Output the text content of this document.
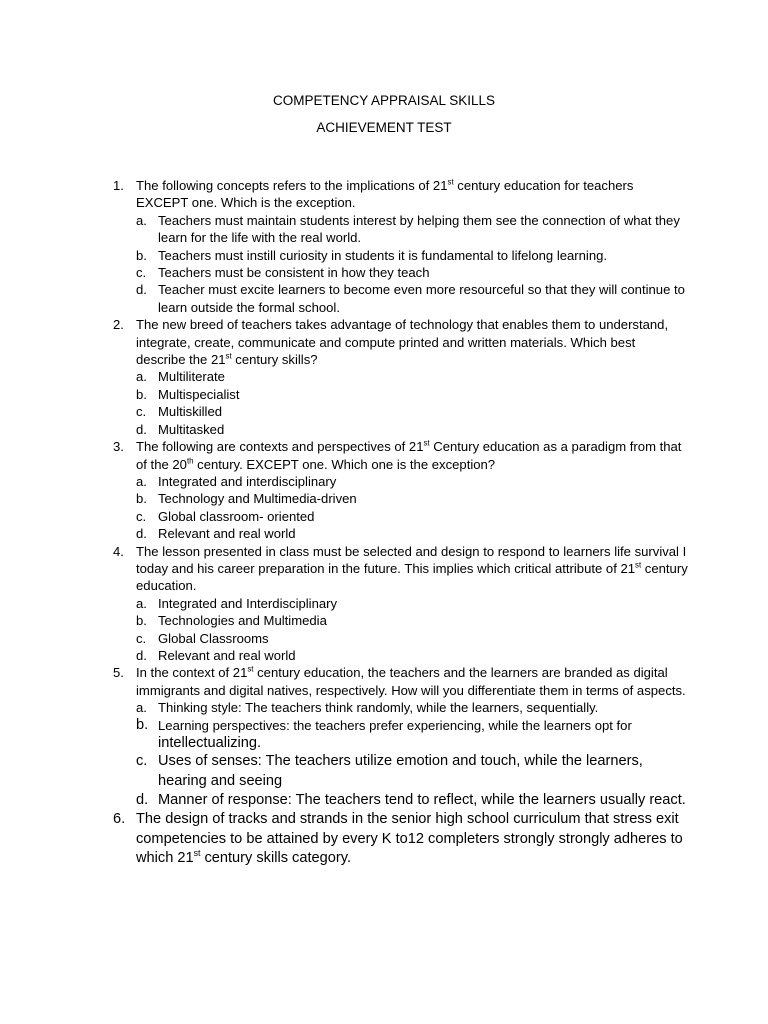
COMPETENCY APPRAISAL SKILLS
ACHIEVEMENT TEST
1. The following concepts refers to the implications of 21st century education for teachers EXCEPT one. Which is the exception.
a. Teachers must maintain students interest by helping them see the connection of what they learn for the life with the real world.
b. Teachers must instill curiosity in students it is fundamental to lifelong learning.
c. Teachers must be consistent in how they teach
d. Teacher must excite learners to become even more resourceful so that they will continue to learn outside the formal school.
2. The new breed of teachers takes advantage of technology that enables them to understand, integrate, create, communicate and compute printed and written materials. Which best describe the 21st century skills?
a. Multiliterate
b. Multispecialist
c. Multiskilled
d. Multitasked
3. The following are contexts and perspectives of 21st Century education as a paradigm from that of the 20th century. EXCEPT one. Which one is the exception?
a. Integrated and interdisciplinary
b. Technology and Multimedia-driven
c. Global classroom- oriented
d. Relevant and real world
4. The lesson presented in class must be selected and design to respond to learners life survival I today and his career preparation in the future. This implies which critical attribute of 21st century education.
a. Integrated and Interdisciplinary
b. Technologies and Multimedia
c. Global Classrooms
d. Relevant and real world
5. In the context of 21st century education, the teachers and the learners are branded as digital immigrants and digital natives, respectively. How will you differentiate them in terms of aspects.
a. Thinking style: The teachers think randomly, while the learners, sequentially.
b. Learning perspectives: the teachers prefer experiencing, while the learners opt for intellectualizing.
c. Uses of senses: The teachers utilize emotion and touch, while the learners, hearing and seeing
d. Manner of response: The teachers tend to reflect, while the learners usually react.
6. The design of tracks and strands in the senior high school curriculum that stress exit competencies to be attained by every K to12 completers strongly strongly adheres to which 21st century skills category.
